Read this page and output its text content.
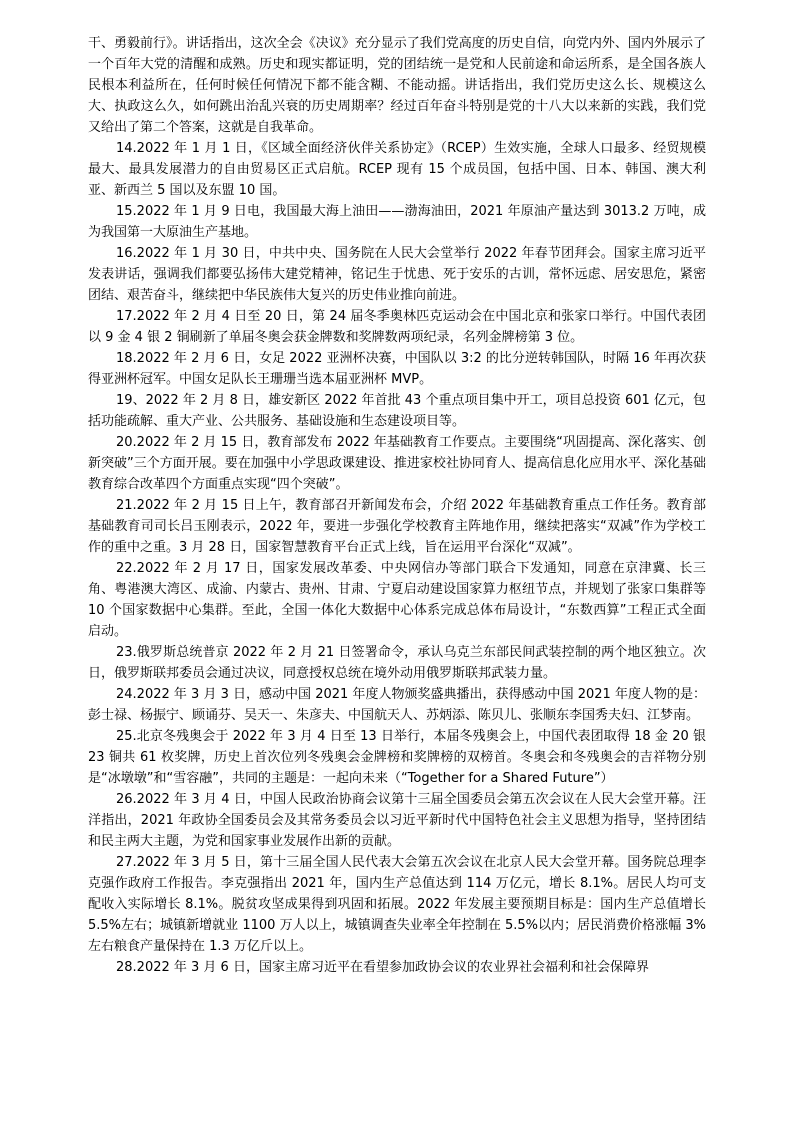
干、勇毅前行》。讲话指出，这次全会《决议》充分显示了我们党高度的历史自信，向党内外、国内外展示了一个百年大党的清醒和成熟。历史和现实都证明，党的团结统一是党和人民前途和命运所系，是全国各族人民根本利益所在，任何时候任何情况下都不能含糊、不能动摇。讲话指出，我们党历史这么长、规模这么大、执政这么久，如何跳出治乱兴衰的历史周期率？经过百年奋斗特别是党的十八大以来新的实践，我们党又给出了第二个答案，这就是自我革命。

14.2022 年 1 月 1 日，《区域全面经济伙伴关系协定》（RCEP）生效实施，全球人口最多、经贸规模最大、最具发展潜力的自由贸易区正式启航。RCEP 现有 15 个成员国，包括中国、日本、韩国、澳大利亚、新西兰 5 国以及东盟 10 国。

15.2022 年 1 月 9 日电，我国最大海上油田——渤海油田，2021 年原油产量达到 3013.2 万吨，成为我国第一大原油生产基地。

16.2022 年 1 月 30 日，中共中央、国务院在人民大会堂举行 2022 年春节团拜会。国家主席习近平发表讲话，强调我们都要弘扬伟大建党精神，铭记生于忧患、死于安乐的古训，常怀远虑、居安思危，紧密团结、艰苦奋斗，继续把中华民族伟大复兴的历史伟业推向前进。

17.2022 年 2 月 4 日至 20 日，第 24 届冬季奥林匹克运动会在中国北京和张家口举行。中国代表团以 9 金 4 银 2 铜刷新了单届冬奥会获金牌数和奖牌数两项纪录，名列金牌榜第 3 位。

18.2022 年 2 月 6 日，女足 2022 亚洲杯决赛，中国队以 3:2 的比分逆转韩国队，时隔 16 年再次获得亚洲杯冠军。中国女足队长王珊珊当选本届亚洲杯 MVP。

19、2022 年 2 月 8 日，雄安新区 2022 年首批 43 个重点项目集中开工，项目总投资 601 亿元，包括功能疏解、重大产业、公共服务、基础设施和生态建设项目等。

20.2022 年 2 月 15 日，教育部发布 2022 年基础教育工作要点。主要围绕“巩固提高、深化落实、创新突破”三个方面开展。要在加强中小学思政课建设、推进家校社协同育人、提高信息化应用水平、深化基础教育综合改革四个方面重点实现“四个突破”。

21.2022 年 2 月 15 日上午，教育部召开新闻发布会，介绍 2022 年基础教育重点工作任务。教育部基础教育司司长吕玉刚表示，2022 年，要进一步强化学校教育主阵地作用，继续把落实“双减”作为学校工作的重中之重。3 月 28 日，国家智慧教育平台正式上线，旨在运用平台深化“双减”。

22.2022 年 2 月 17 日，国家发展改革委、中央网信办等部门联合下发通知，同意在京津冀、长三角、粤港澳大湾区、成渝、内蒙古、贵州、甘肃、宁夏启动建设国家算力枢纽节点，并规划了张家口集群等 10 个国家数据中心集群。至此，全国一体化大数据中心体系完成总体布局设计，“东数西算”工程正式全面启动。

23.俄罗斯总统普京 2022 年 2 月 21 日签署命令，承认乌克兰东部民间武装控制的两个地区独立。次日，俄罗斯联邦委员会通过决议，同意授权总统在境外动用俄罗斯联邦武装力量。

24.2022 年 3 月 3 日，感动中国 2021 年度人物颁奖盛典播出，获得感动中国 2021 年度人物的是：彭士禄、杨振宁、顾诵芬、吴天一、朱彦夫、中国航天人、苏炳添、陈贝儿、张顺东李国秀夫妇、江梦南。

25.北京冬残奥会于 2022 年 3 月 4 日至 13 日举行，本届冬残奥会上，中国代表团取得 18 金 20 银 23 铜共 61 枚奖牌，历史上首次位列冬残奥会金牌榜和奖牌榜的双榜首。冬奥会和冬残奥会的吉祥物分别是“冰墩墩”和“雪容融”，共同的主题是：一起向未来（“Together for a Shared Future”）

26.2022 年 3 月 4 日，中国人民政治协商会议第十三届全国委员会第五次会议在人民大会堂开幕。汪洋指出，2021 年政协全国委员会及其常务委员会以习近平新时代中国特色社会主义思想为指导，坚持团结和民主两大主题，为党和国家事业发展作出新的贡献。

27.2022 年 3 月 5 日，第十三届全国人民代表大会第五次会议在北京人民大会堂开幕。国务院总理李克强作政府工作报告。李克强指出 2021 年，国内生产总值达到 114 万亿元，增长 8.1%。居民人均可支配收入实际增长 8.1%。脱贫攻坚成果得到巩固和拓展。2022 年发展主要预期目标是：国内生产总值增长 5.5%左右；城镇新增就业 1100 万人以上，城镇调查失业率全年控制在 5.5%以内；居民消费价格涨幅 3%左右粮食产量保持在 1.3 万亿斤以上。

28.2022 年 3 月 6 日，国家主席习近平在看望参加政协会议的农业界社会福利和社会保障界
